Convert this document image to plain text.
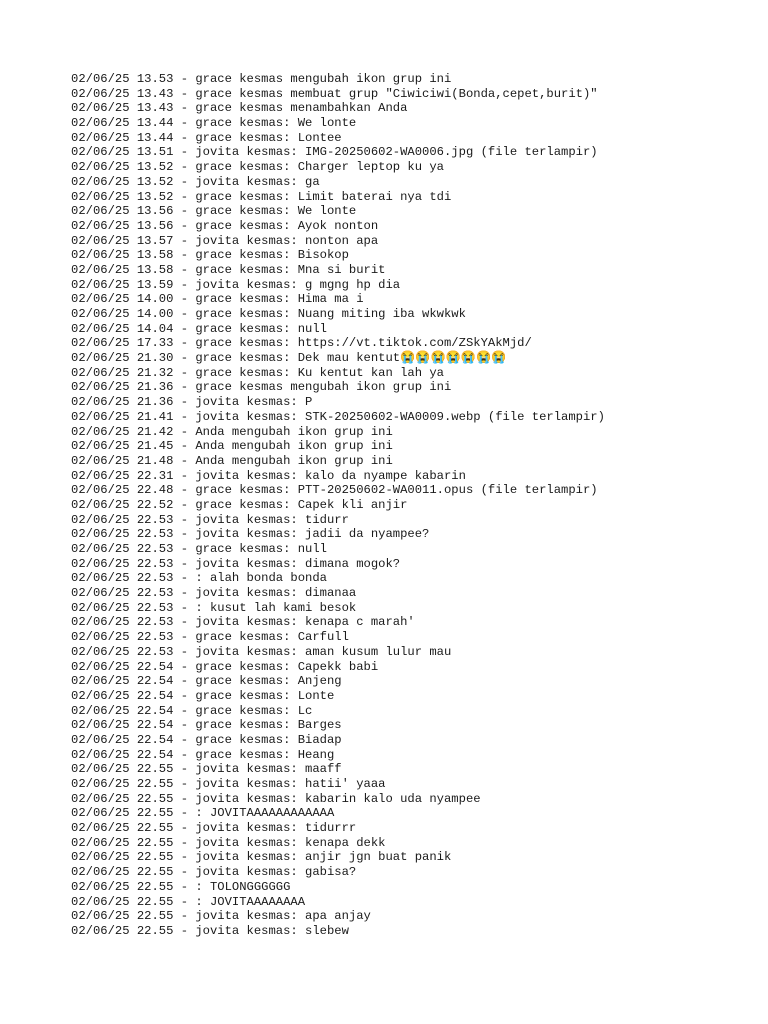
02/06/25 13.53 - grace kesmas mengubah ikon grup ini
02/06/25 13.43 - grace kesmas membuat grup "Ciwiciwi(Bonda,cepet,burit)"
02/06/25 13.43 - grace kesmas menambahkan Anda
02/06/25 13.44 - grace kesmas: We lonte
02/06/25 13.44 - grace kesmas: Lontee
02/06/25 13.51 - jovita kesmas: IMG-20250602-WA0006.jpg (file terlampir)
02/06/25 13.52 - grace kesmas: Charger leptop ku ya
02/06/25 13.52 - jovita kesmas: ga
02/06/25 13.52 - grace kesmas: Limit baterai nya tdi
02/06/25 13.56 - grace kesmas: We lonte
02/06/25 13.56 - grace kesmas: Ayok nonton
02/06/25 13.57 - jovita kesmas: nonton apa
02/06/25 13.58 - grace kesmas: Bisokop
02/06/25 13.58 - grace kesmas: Mna si burit
02/06/25 13.59 - jovita kesmas: g mgng hp dia
02/06/25 14.00 - grace kesmas: Hima ma i
02/06/25 14.00 - grace kesmas: Nuang miting iba wkwkwk
02/06/25 14.04 - grace kesmas: null
02/06/25 17.33 - grace kesmas: https://vt.tiktok.com/ZSkYAkMjd/
02/06/25 21.30 - grace kesmas: Dek mau kentut😭😭😭😭😭😭😭
02/06/25 21.32 - grace kesmas: Ku kentut kan lah ya
02/06/25 21.36 - grace kesmas mengubah ikon grup ini
02/06/25 21.36 - jovita kesmas: P
02/06/25 21.41 - jovita kesmas: STK-20250602-WA0009.webp (file terlampir)
02/06/25 21.42 - Anda mengubah ikon grup ini
02/06/25 21.45 - Anda mengubah ikon grup ini
02/06/25 21.48 - Anda mengubah ikon grup ini
02/06/25 22.31 - jovita kesmas: kalo da nyampe kabarin
02/06/25 22.48 - grace kesmas: PTT-20250602-WA0011.opus (file terlampir)
02/06/25 22.52 - grace kesmas: Capek kli anjir
02/06/25 22.53 - jovita kesmas: tidurr
02/06/25 22.53 - jovita kesmas: jadii da nyampee?
02/06/25 22.53 - grace kesmas: null
02/06/25 22.53 - jovita kesmas: dimana mogok?
02/06/25 22.53 - : alah bonda bonda
02/06/25 22.53 - jovita kesmas: dimanaa
02/06/25 22.53 - : kusut lah kami besok
02/06/25 22.53 - jovita kesmas: kenapa c marah'
02/06/25 22.53 - grace kesmas: Carfull
02/06/25 22.53 - jovita kesmas: aman kusum lulur mau
02/06/25 22.54 - grace kesmas: Capekk babi
02/06/25 22.54 - grace kesmas: Anjeng
02/06/25 22.54 - grace kesmas: Lonte
02/06/25 22.54 - grace kesmas: Lc
02/06/25 22.54 - grace kesmas: Barges
02/06/25 22.54 - grace kesmas: Biadap
02/06/25 22.54 - grace kesmas: Heang
02/06/25 22.55 - jovita kesmas: maaff
02/06/25 22.55 - jovita kesmas: hatii' yaaa
02/06/25 22.55 - jovita kesmas: kabarin kalo uda nyampee
02/06/25 22.55 - : JOVITAAAAAAAAAAAA
02/06/25 22.55 - jovita kesmas: tidurrr
02/06/25 22.55 - jovita kesmas: kenapa dekk
02/06/25 22.55 - jovita kesmas: anjir jgn buat panik
02/06/25 22.55 - jovita kesmas: gabisa?
02/06/25 22.55 - : TOLONGGGGGG
02/06/25 22.55 - : JOVITAAAAAAAA
02/06/25 22.55 - jovita kesmas: apa anjay
02/06/25 22.55 - jovita kesmas: slebew
